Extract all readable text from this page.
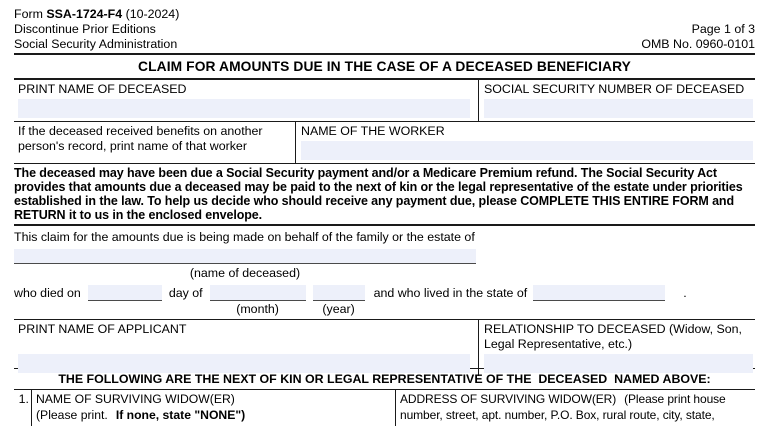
Form SSA-1724-F4 (10-2024)
Discontinue Prior Editions
Social Security Administration
Page 1 of 3
OMB No. 0960-0101
CLAIM FOR AMOUNTS DUE IN THE CASE OF A DECEASED BENEFICIARY
PRINT NAME OF DECEASED	SOCIAL SECURITY NUMBER OF DECEASED
If the deceased received benefits on another person's record, print name of that worker
NAME OF THE WORKER
The deceased may have been due a Social Security payment and/or a Medicare Premium refund. The Social Security Act provides that amounts due a deceased may be paid to the next of kin or the legal representative of the estate under priorities established in the law. To help us decide who should receive any payment due, please COMPLETE THIS ENTIRE FORM and RETURN it to us in the enclosed envelope.
This claim for the amounts due is being made on behalf of the family or the estate of
(name of deceased)
who died on	day of
(month)	(year)
and who lived in the state of	.
PRINT NAME OF APPLICANT	RELATIONSHIP TO DECEASED (Widow, Son, Legal Representative, etc.)
THE FOLLOWING ARE THE NEXT OF KIN OR LEGAL REPRESENTATIVE OF THE  DECEASED  NAMED ABOVE:
1. NAME OF SURVIVING WIDOW(ER)
(Please print. If none, state "NONE")
ADDRESS OF SURVIVING WIDOW(ER) (Please print house number, street, apt. number, P.O. Box, rural route, city, state,
